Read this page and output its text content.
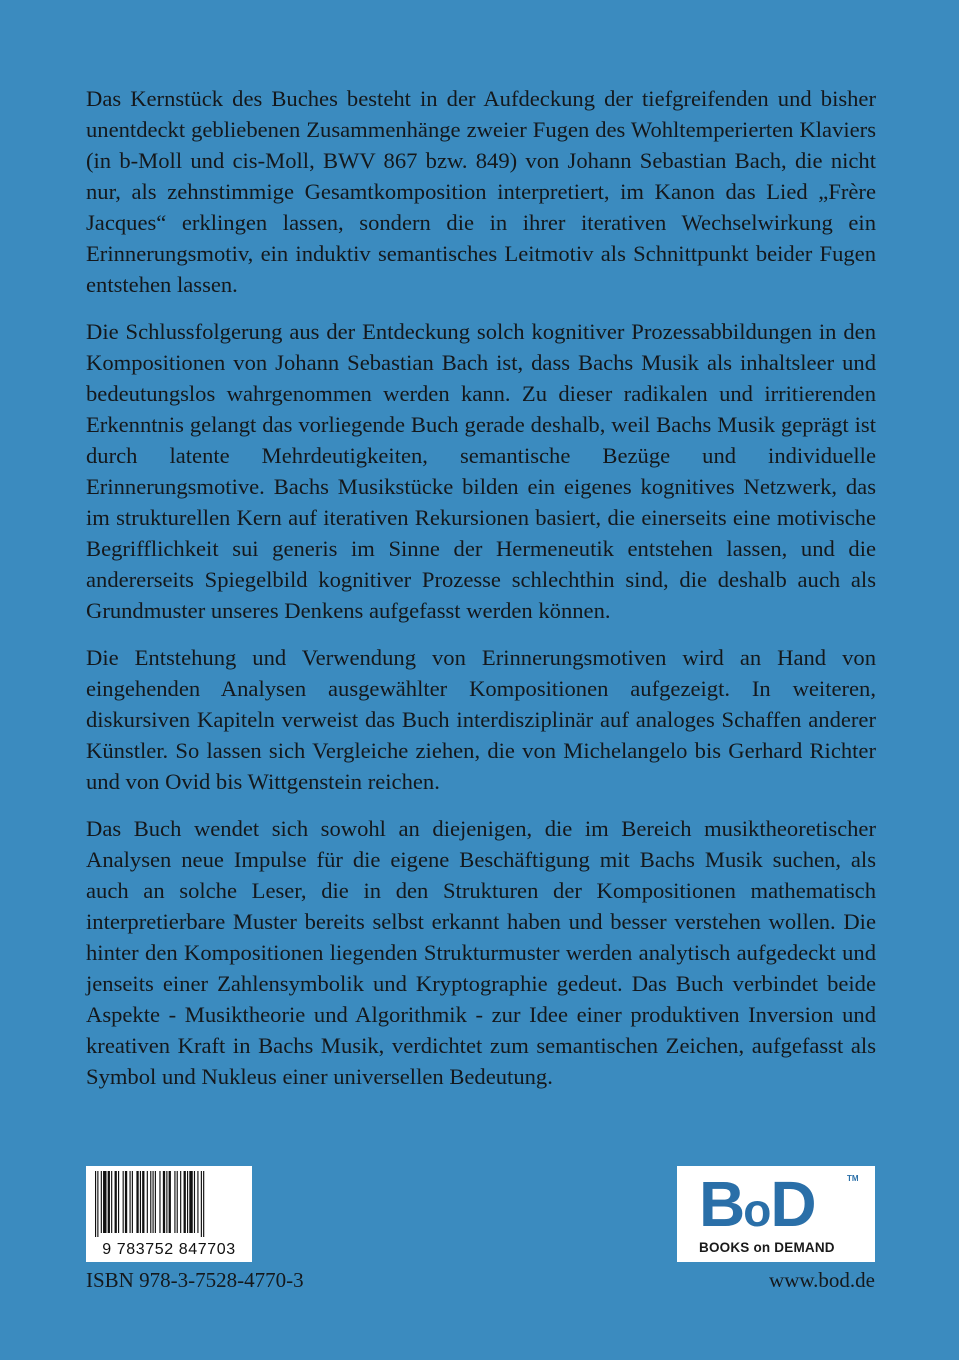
Das Kernstück des Buches besteht in der Aufdeckung der tiefgreifenden und bisher unentdeckt gebliebenen Zusammenhänge zweier Fugen des Wohltemperierten Klaviers (in b-Moll und cis-Moll, BWV 867 bzw. 849) von Johann Sebastian Bach, die nicht nur, als zehnstimmige Gesamtkomposition interpretiert, im Kanon das Lied „Frère Jacques“ erklingen lassen, sondern die in ihrer iterativen Wechselwirkung ein Erinnerungsmotiv, ein induktiv semantisches Leitmotiv als Schnittpunkt beider Fugen entstehen lassen.

Die Schlussfolgerung aus der Entdeckung solch kognitiver Prozessabbildungen in den Kompositionen von Johann Sebastian Bach ist, dass Bachs Musik als inhaltsleer und bedeutungslos wahrgenommen werden kann. Zu dieser radikalen und irritierenden Erkenntnis gelangt das vorliegende Buch gerade deshalb, weil Bachs Musik geprägt ist durch latente Mehrdeutigkeiten, semantische Bezüge und individuelle Erinnerungsmotive. Bachs Musikstücke bilden ein eigenes kognitives Netzwerk, das im strukturellen Kern auf iterativen Rekursionen basiert, die einerseits eine motivische Begrifflichkeit sui generis im Sinne der Hermeneutik entstehen lassen, und die andererseits Spiegelbild kognitiver Prozesse schlechthin sind, die deshalb auch als Grundmuster unseres Denkens aufgefasst werden können.

Die Entstehung und Verwendung von Erinnerungsmotiven wird an Hand von eingehenden Analysen ausgewählter Kompositionen aufgezeigt. In weiteren, diskursiven Kapiteln verweist das Buch interdisziplinär auf analoges Schaffen anderer Künstler. So lassen sich Vergleiche ziehen, die von Michelangelo bis Gerhard Richter und von Ovid bis Wittgenstein reichen.

Das Buch wendet sich sowohl an diejenigen, die im Bereich musiktheoretischer Analysen neue Impulse für die eigene Beschäftigung mit Bachs Musik suchen, als auch an solche Leser, die in den Strukturen der Kompositionen mathematisch interpretierbare Muster bereits selbst erkannt haben und besser verstehen wollen. Die hinter den Kompositionen liegenden Strukturmuster werden analytisch aufgedeckt und jenseits einer Zahlensymbolik und Kryptographie gedeut. Das Buch verbindet beide Aspekte - Musiktheorie und Algorithmik - zur Idee einer produktiven Inversion und kreativen Kraft in Bachs Musik, verdichtet zum semantischen Zeichen, aufgefasst als Symbol und Nukleus einer universellen Bedeutung.

9 783752 847703
ISBN 978-3-7528-4770-3
BoD	TM
BOOKS on DEMAND
www.bod.de
